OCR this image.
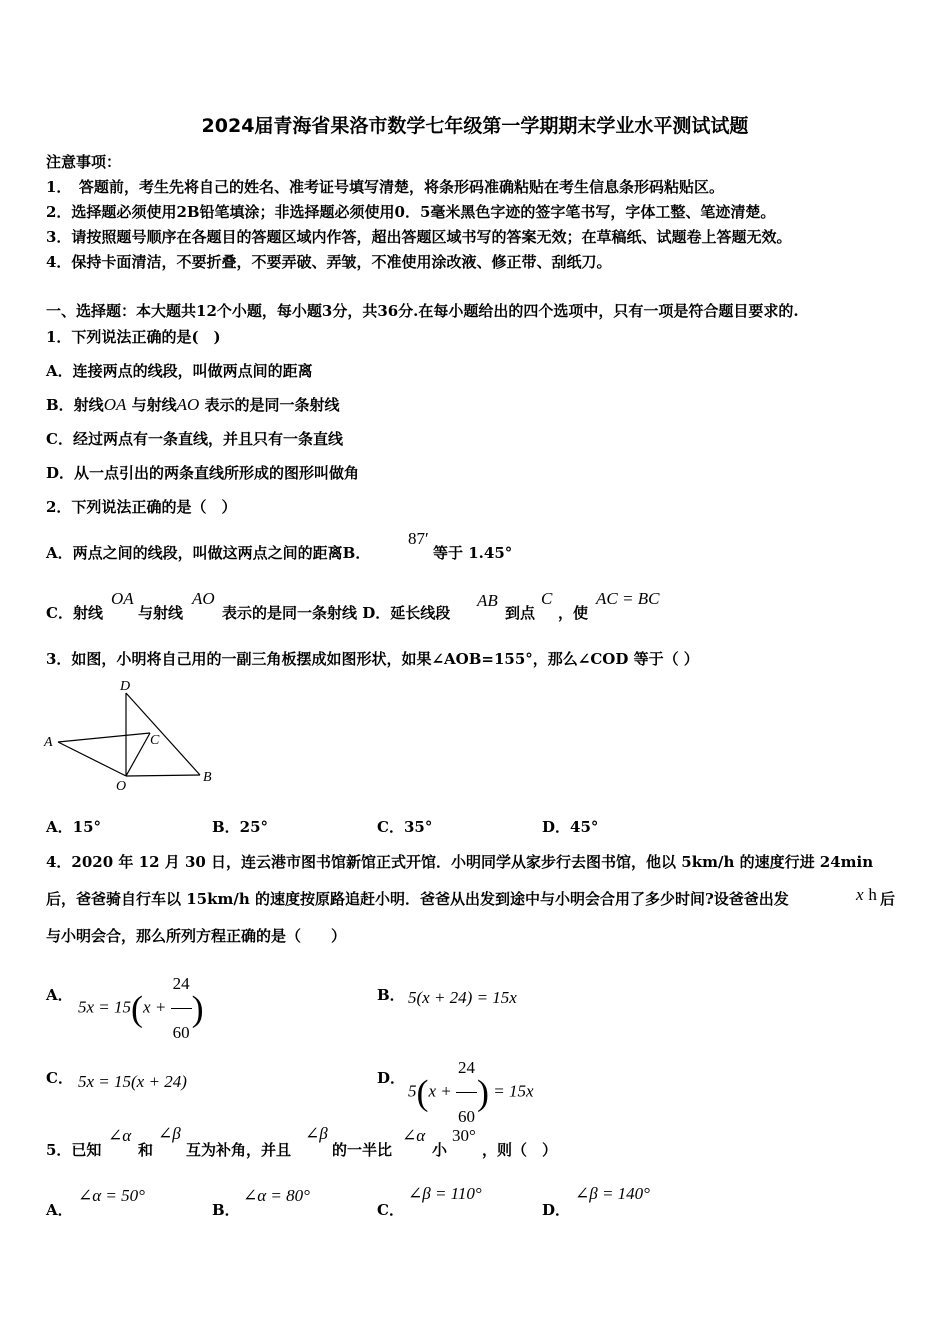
2024届青海省果洛市数学七年级第一学期期末学业水平测试试题
注意事项：
1．　答题前，考生先将自己的姓名、准考证号填写清楚，将条形码准确粘贴在考生信息条形码粘贴区。
2．选择题必须使用2B铅笔填涂；非选择题必须使用0．5毫米黑色字迹的签字笔书写，字体工整、笔迹清楚。
3．请按照题号顺序在各题目的答题区域内作答，超出答题区域书写的答案无效；在草稿纸、试题卷上答题无效。
4．保持卡面清洁，不要折叠，不要弄破、弄皱，不准使用涂改液、修正带、刮纸刀。
一、选择题：本大题共12个小题，每小题3分，共36分.在每小题给出的四个选项中，只有一项是符合题目要求的.
1．下列说法正确的是(　)
A．连接两点的线段，叫做两点间的距离
B．射线OA 与射线AO 表示的是同一条射线
C．经过两点有一条直线，并且只有一条直线
D．从一点引出的两条直线所形成的图形叫做角
2．下列说法正确的是（　）
A．两点之间的线段，叫做这两点之间的距离B．
87′
等于 1.45°
C．射线
OA
与射线
AO
表示的是同一条射线 D．延长线段
AB
到点
C
，使
AC = BC
3．如图，小明将自己用的一副三角板摆成如图形状，如果∠AOB=155°，那么∠COD 等于（ ）
D
A	C
O
B
A．15°	B．25°	C．35°	D．45°
4．2020 年 12 月 30 日，连云港市图书馆新馆正式开馆．小明同学从家步行去图书馆，他以 5km/h 的速度行进 24min
后，爸爸骑自行车以 15km/h 的速度按原路追赶小明．爸爸从出发到途中与小明会合用了多少时间?设爸爸出发	x h 后
与小明会合，那么所列方程正确的是（　　）
A．
$5x = 15(x + \frac{24}{60}$ )	B． 5(x + 24) = 15x
C． 5x = 15(x + 24)	D．
$5(x + \frac{24}{60}$ ) = 15x
5．已知
∠α
和
∠β
互为补角，并且
∠β
的一半比
∠α
小
30°
，则（　）
A．
∠α = 50°
B．
∠α = 80°
C．
∠β = 110°
D．
∠β = 140°
